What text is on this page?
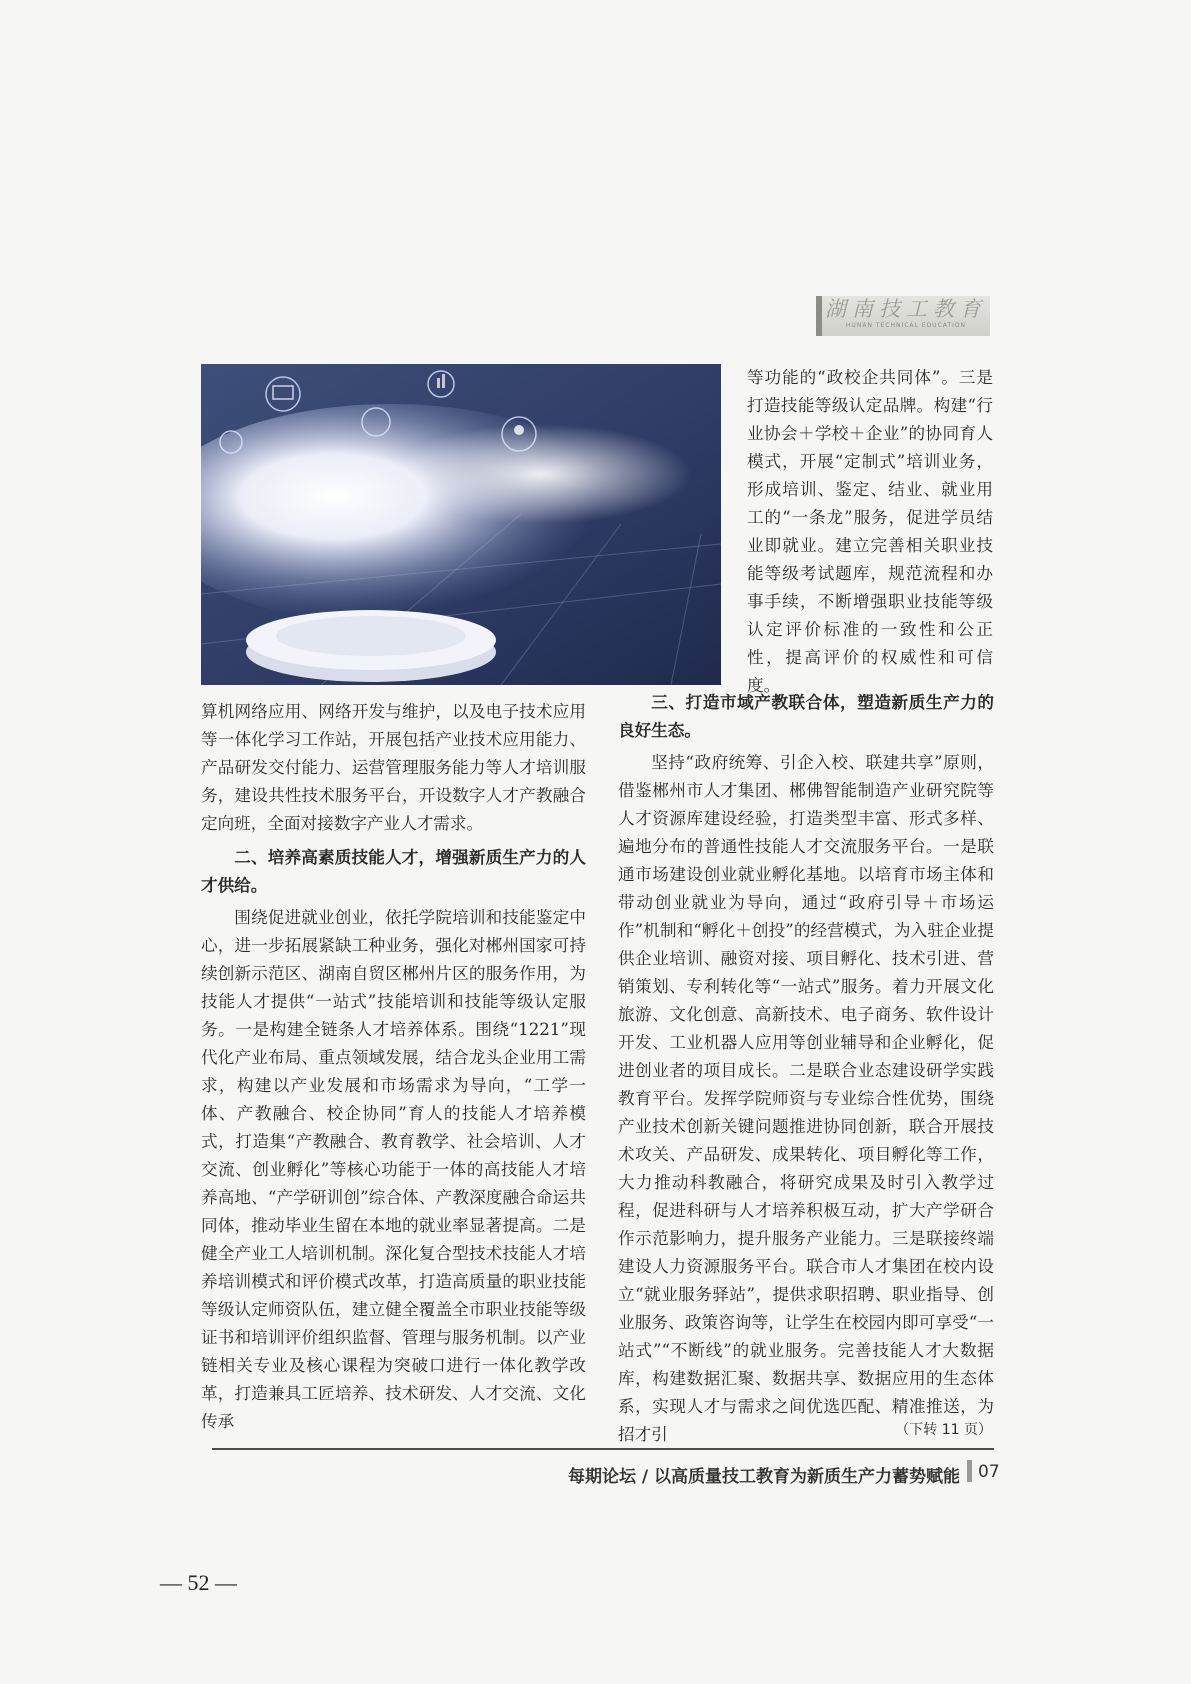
湖南技工教育
HUNAN TECHNICAL EDUCATION

等功能的“政校企共同体”。三是打造技能等级认定品牌。构建“行业协会＋学校＋企业”的协同育人模式，开展“定制式”培训业务，形成培训、鉴定、结业、就业用工的“一条龙”服务，促进学员结业即就业。建立完善相关职业技能等级考试题库，规范流程和办事手续，不断增强职业技能等级认定评价标准的一致性和公正性，提高评价的权威性和可信度。

算机网络应用、网络开发与维护，以及电子技术应用等一体化学习工作站，开展包括产业技术应用能力、产品研发交付能力、运营管理服务能力等人才培训服务，建设共性技术服务平台，开设数字人才产教融合定向班，全面对接数字产业人才需求。

二、培养高素质技能人才，增强新质生产力的人才供给。

围绕促进就业创业，依托学院培训和技能鉴定中心，进一步拓展紧缺工种业务，强化对郴州国家可持续创新示范区、湖南自贸区郴州片区的服务作用，为技能人才提供“一站式”技能培训和技能等级认定服务。一是构建全链条人才培养体系。围绕“1221”现代化产业布局、重点领域发展，结合龙头企业用工需求，构建以产业发展和市场需求为导向，“工学一体、产教融合、校企协同”育人的技能人才培养模式，打造集“产教融合、教育教学、社会培训、人才交流、创业孵化”等核心功能于一体的高技能人才培养高地、“产学研训创”综合体、产教深度融合命运共同体，推动毕业生留在本地的就业率显著提高。二是健全产业工人培训机制。深化复合型技术技能人才培养培训模式和评价模式改革，打造高质量的职业技能等级认定师资队伍，建立健全覆盖全市职业技能等级证书和培训评价组织监督、管理与服务机制。以产业链相关专业及核心课程为突破口进行一体化教学改革，打造兼具工匠培养、技术研发、人才交流、文化传承

三、打造市域产教联合体，塑造新质生产力的良好生态。

坚持“政府统筹、引企入校、联建共享”原则，借鉴郴州市人才集团、郴佛智能制造产业研究院等人才资源库建设经验，打造类型丰富、形式多样、遍地分布的普通性技能人才交流服务平台。一是联通市场建设创业就业孵化基地。以培育市场主体和带动创业就业为导向，通过“政府引导＋市场运作”机制和“孵化＋创投”的经营模式，为入驻企业提供企业培训、融资对接、项目孵化、技术引进、营销策划、专利转化等“一站式”服务。着力开展文化旅游、文化创意、高新技术、电子商务、软件设计开发、工业机器人应用等创业辅导和企业孵化，促进创业者的项目成长。二是联合业态建设研学实践教育平台。发挥学院师资与专业综合性优势，围绕产业技术创新关键问题推进协同创新，联合开展技术攻关、产品研发、成果转化、项目孵化等工作，大力推动科教融合，将研究成果及时引入教学过程，促进科研与人才培养积极互动，扩大产学研合作示范影响力，提升服务产业能力。三是联接终端建设人力资源服务平台。联合市人才集团在校内设立“就业服务驿站”，提供求职招聘、职业指导、创业服务、政策咨询等，让学生在校园内即可享受“一站式”“不断线”的就业服务。完善技能人才大数据库，构建数据汇聚、数据共享、数据应用的生态体系，实现人才与需求之间优选匹配、精准推送，为招才引	（下转 11 页）
每期论坛 / 以高质量技工教育为新质生产力蓄势赋能 07
— 52 —
